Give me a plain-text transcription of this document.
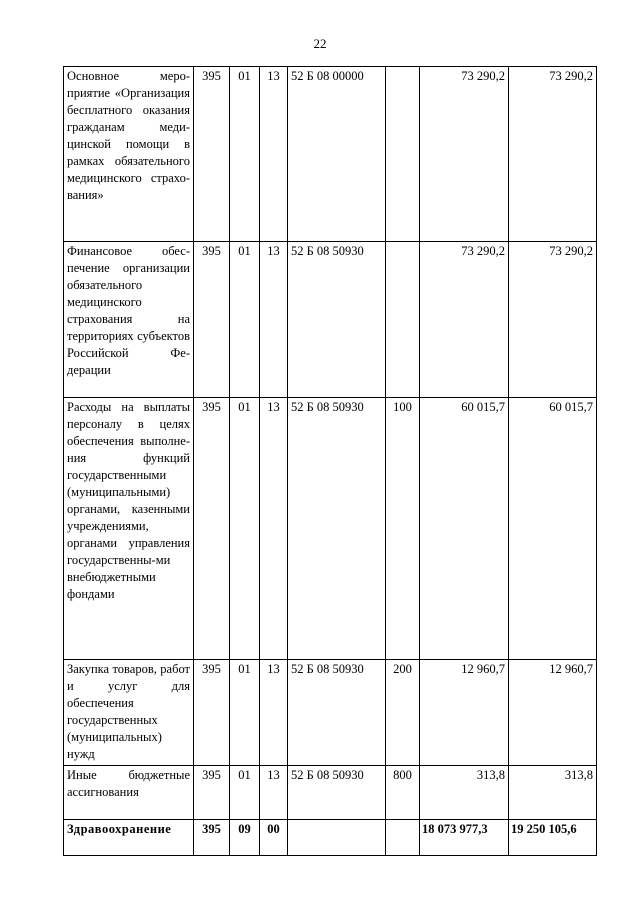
22
Основное мероприятие «Организация бесплатного оказания гражданам медицинской помощи в рамках обязательного медицинского страхования»	395	01	13	52 Б 08 00000		73 290,2	73 290,2
Финансовое обеспечение организации обязательного медицинского страхования на территориях субъектов Российской Федерации	395	01	13	52 Б 08 50930		73 290,2	73 290,2
Расходы на выплаты персоналу в целях обеспечения выполнения функций государственными (муниципальными) органами, казенными учреждениями, органами управления государственны-ми внебюджетными фондами	395	01	13	52 Б 08 50930	100	60 015,7	60 015,7
Закупка товаров, работ и услуг для обеспечения государственных (муниципальных) нужд	395	01	13	52 Б 08 50930	200	12 960,7	12 960,7
Иные бюджетные ассигнования	395	01	13	52 Б 08 50930	800	313,8	313,8
Здравоохранение	395	09	00			18 073 977,3	19 250 105,6
